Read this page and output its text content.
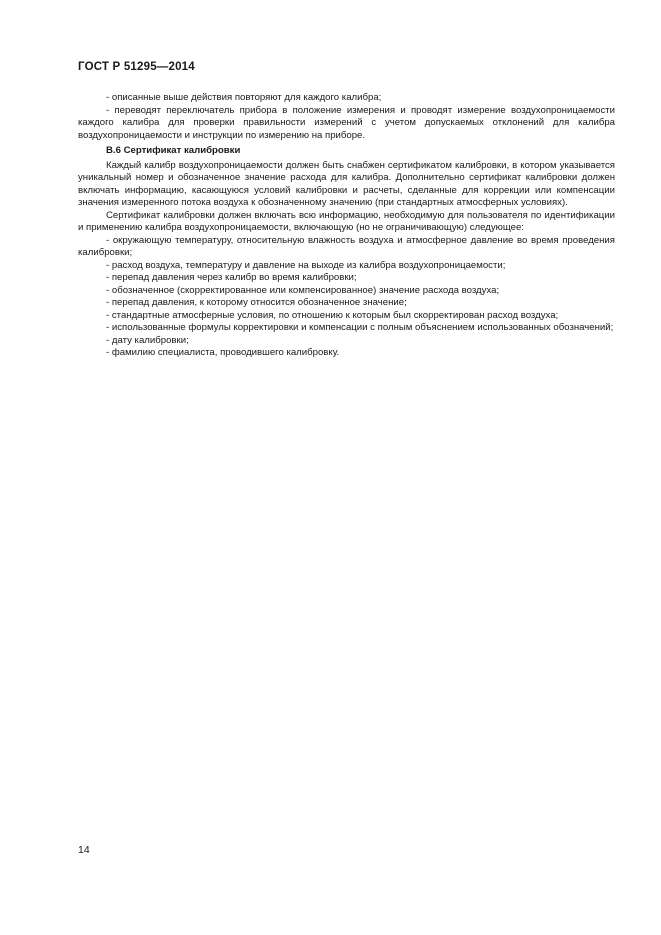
ГОСТ Р 51295—2014

- описанные выше действия повторяют для каждого калибра;

- переводят переключатель прибора в положение измерения и проводят измерение воздухопроницаемости каждого калибра для проверки правильности измерений с учетом допускаемых отклонений для калибра воздухопроницаемости и инструкции по измерению на приборе.

В.6 Сертификат калибровки

Каждый калибр воздухопроницаемости должен быть снабжен сертификатом калибровки, в котором указывается уникальный номер и обозначенное значение расхода для калибра. Дополнительно сертификат калибровки должен включать информацию, касающуюся условий калибровки и расчеты, сделанные для коррекции или компенсации значения измеренного потока воздуха к обозначенному значению (при стандартных атмосферных условиях).

Сертификат калибровки должен включать всю информацию, необходимую для пользователя по идентификации и применению калибра воздухопроницаемости, включающую (но не ограничивающую) следующее:

- окружающую температуру, относительную влажность воздуха и атмосферное давление во время проведения калибровки;

- расход воздуха, температуру и давление на выходе из калибра воздухопроницаемости;

- перепад давления через калибр во время калибровки;

- обозначенное (скорректированное или компенсированное) значение расхода воздуха;

- перепад давления, к которому относится обозначенное значение;

- стандартные атмосферные условия, по отношению к которым был скорректирован расход воздуха;

- использованные формулы корректировки и компенсации с полным объяснением использованных обозначений;

- дату калибровки;

- фамилию специалиста, проводившего калибровку.

14
